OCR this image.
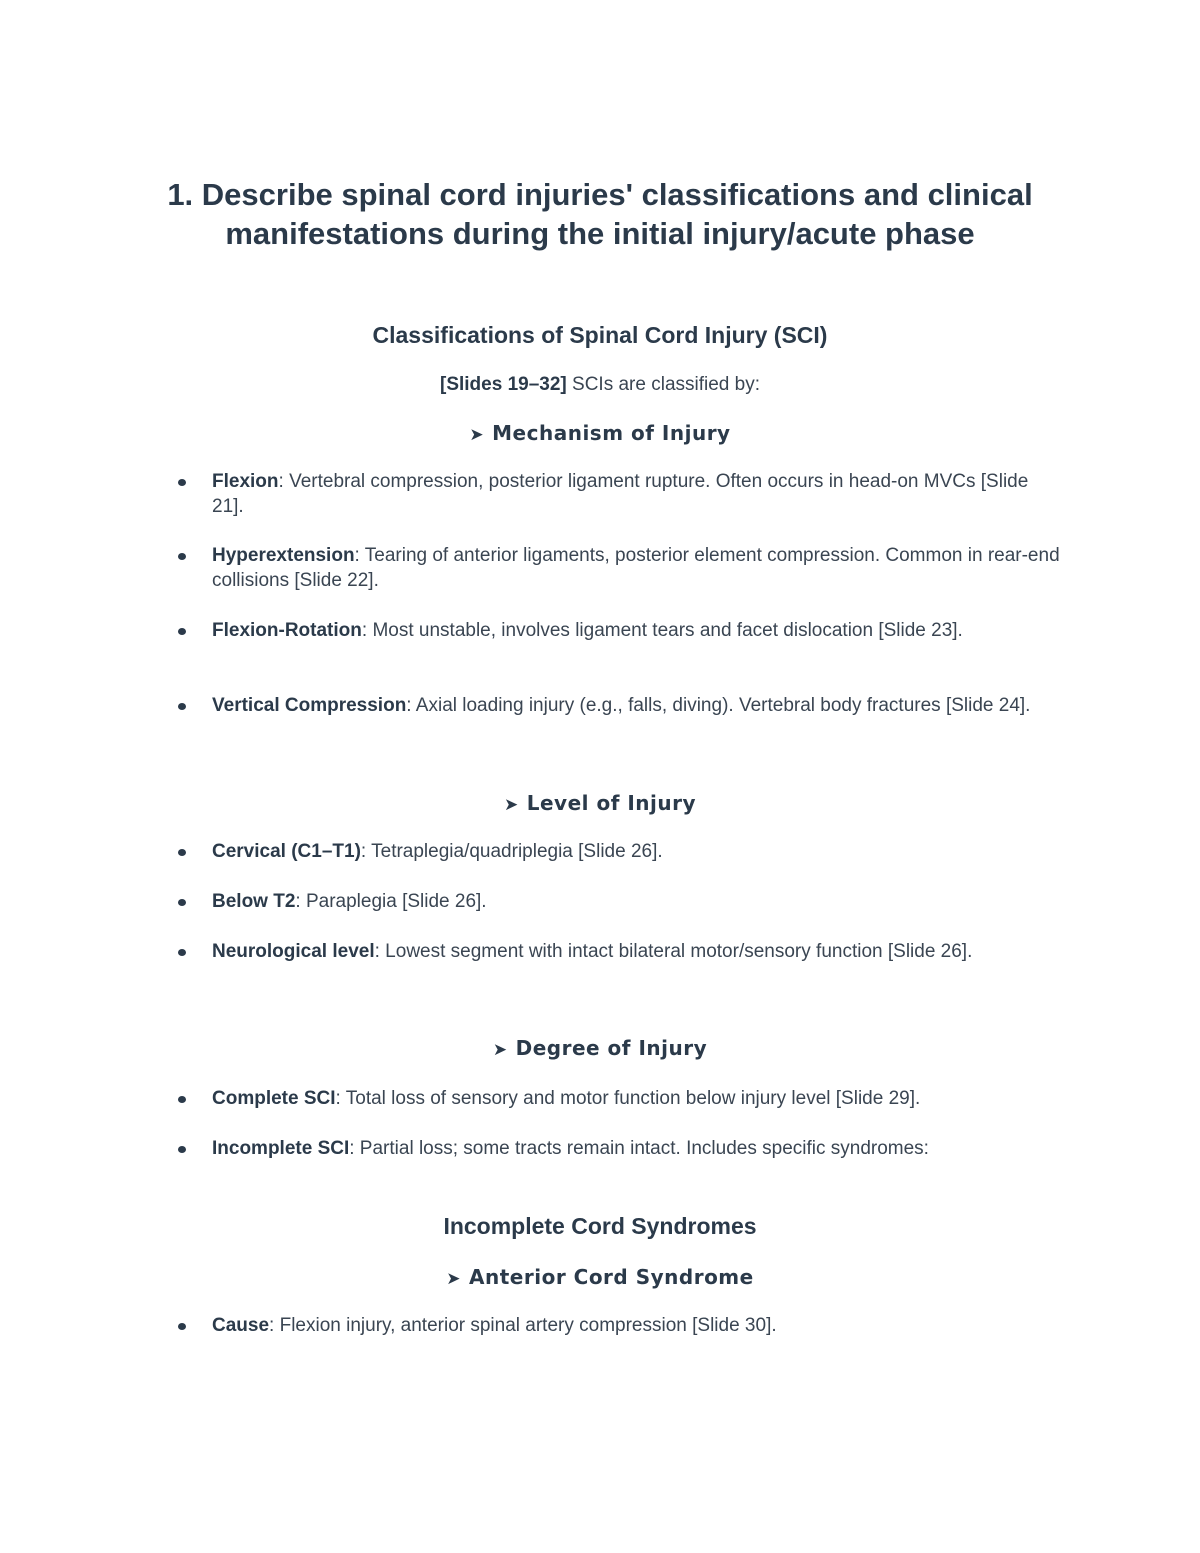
1. Describe spinal cord injuries' classifications and clinical manifestations during the initial injury/acute phase
Classifications of Spinal Cord Injury (SCI)

[Slides 19–32] SCIs are classified by:

➤ Mechanism of Injury

Flexion: Vertebral compression, posterior ligament rupture. Often occurs in head-on MVCs [Slide 21].

Hyperextension: Tearing of anterior ligaments, posterior element compression. Common in rear-end collisions [Slide 22].

Flexion-Rotation: Most unstable, involves ligament tears and facet dislocation [Slide 23].

Vertical Compression: Axial loading injury (e.g., falls, diving). Vertebral body fractures [Slide 24].

➤ Level of Injury

Cervical (C1–T1): Tetraplegia/quadriplegia [Slide 26].

Below T2: Paraplegia [Slide 26].

Neurological level: Lowest segment with intact bilateral motor/sensory function [Slide 26].

➤ Degree of Injury

Complete SCI: Total loss of sensory and motor function below injury level [Slide 29].

Incomplete SCI: Partial loss; some tracts remain intact. Includes specific syndromes:

Incomplete Cord Syndromes
➤ Anterior Cord Syndrome

Cause: Flexion injury, anterior spinal artery compression [Slide 30].
